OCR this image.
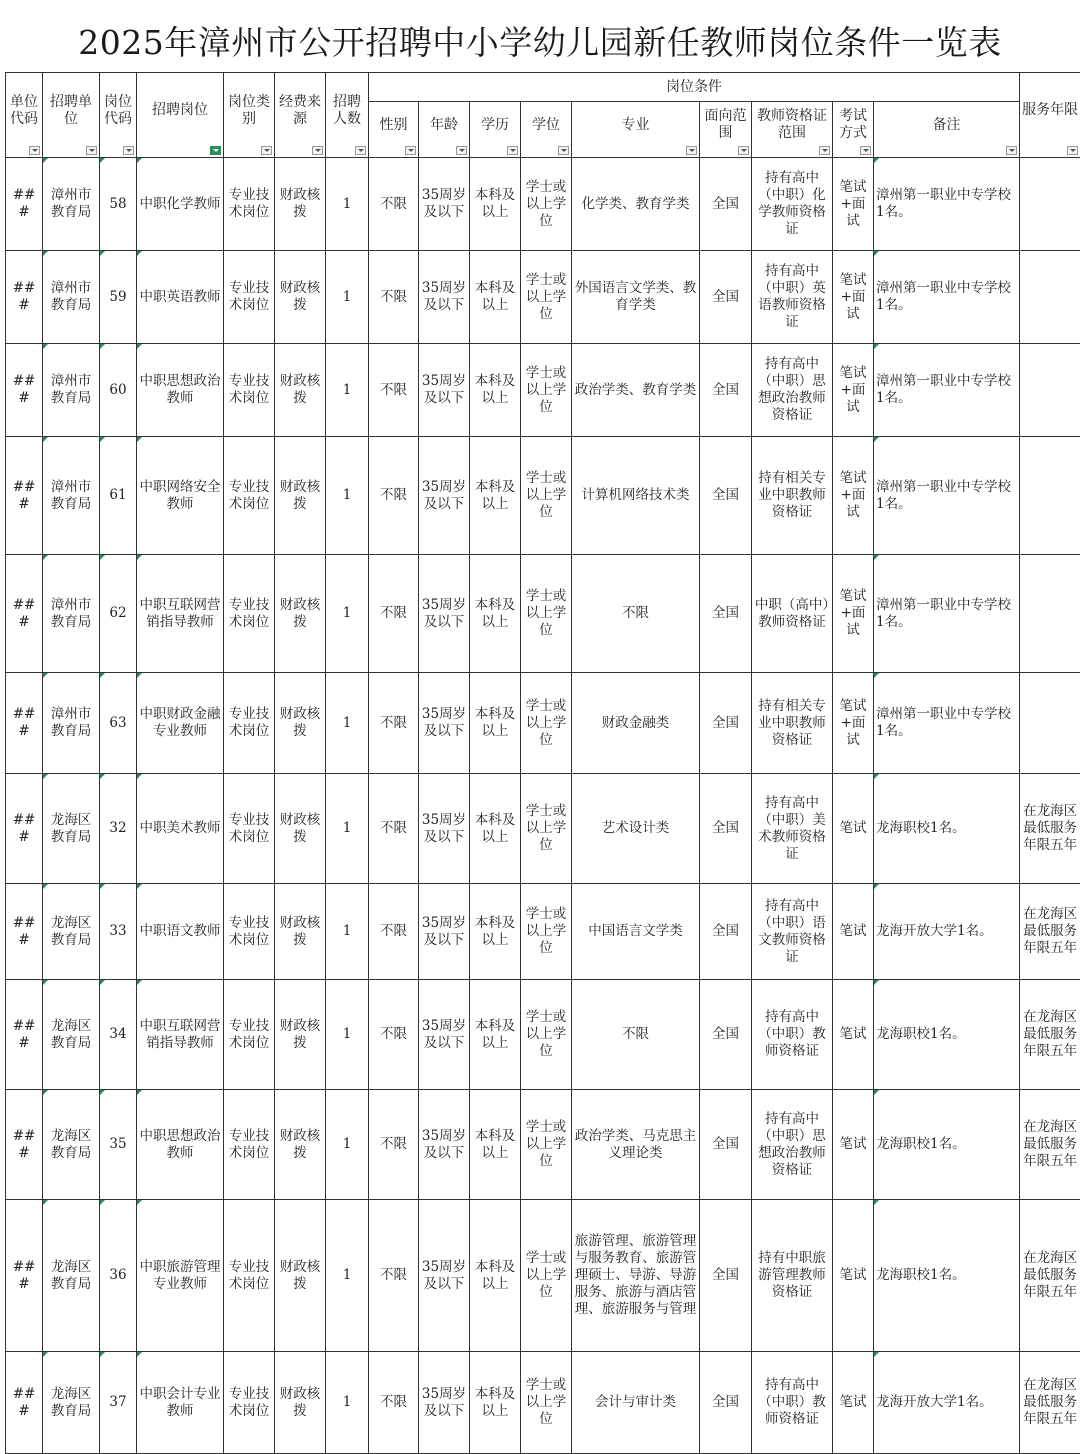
2025年漳州市公开招聘中小学幼儿园新任教师岗位条件一览表
单位代码	招聘单位	岗位代码	招聘岗位	岗位类别	经费来源	招聘人数	岗位条件									服务年限

							性别	年龄	学历	学位	专业	面向范围	教师资格证范围	考试方式	备注	

###	漳州市教育局	58	中职化学教师	专业技术岗位	财政核拨	1	不限	35周岁及以下	本科及以上	学士或以上学位	化学类、教育学类	全国	持有高中（中职）化学教师资格证	笔试+面试	漳州第一职业中专学校1名。	
###	漳州市教育局	59	中职英语教师	专业技术岗位	财政核拨	1	不限	35周岁及以下	本科及以上	学士或以上学位	外国语言文学类、教育学类	全国	持有高中（中职）英语教师资格证	笔试+面试	漳州第一职业中专学校1名。	
###	漳州市教育局	60	中职思想政治教师	专业技术岗位	财政核拨	1	不限	35周岁及以下	本科及以上	学士或以上学位	政治学类、教育学类	全国	持有高中（中职）思想政治教师资格证	笔试+面试	漳州第一职业中专学校1名。	
###	漳州市教育局	61	中职网络安全教师	专业技术岗位	财政核拨	1	不限	35周岁及以下	本科及以上	学士或以上学位	计算机网络技术类	全国	持有相关专业中职教师资格证	笔试+面试	漳州第一职业中专学校1名。	
###	漳州市教育局	62	中职互联网营销指导教师	专业技术岗位	财政核拨	1	不限	35周岁及以下	本科及以上	学士或以上学位	不限	全国	中职（高中）教师资格证	笔试+面试	漳州第一职业中专学校1名。	
###	漳州市教育局	63	中职财政金融专业教师	专业技术岗位	财政核拨	1	不限	35周岁及以下	本科及以上	学士或以上学位	财政金融类	全国	持有相关专业中职教师资格证	笔试+面试	漳州第一职业中专学校1名。	
###	龙海区教育局	32	中职美术教师	专业技术岗位	财政核拨	1	不限	35周岁及以下	本科及以上	学士或以上学位	艺术设计类	全国	持有高中（中职）美术教师资格证	笔试	龙海职校1名。	在龙海区最低服务年限五年
###	龙海区教育局	33	中职语文教师	专业技术岗位	财政核拨	1	不限	35周岁及以下	本科及以上	学士或以上学位	中国语言文学类	全国	持有高中（中职）语文教师资格证	笔试	龙海开放大学1名。	在龙海区最低服务年限五年
###	龙海区教育局	34	中职互联网营销指导教师	专业技术岗位	财政核拨	1	不限	35周岁及以下	本科及以上	学士或以上学位	不限	全国	持有高中（中职）教师资格证	笔试	龙海职校1名。	在龙海区最低服务年限五年
###	龙海区教育局	35	中职思想政治教师	专业技术岗位	财政核拨	1	不限	35周岁及以下	本科及以上	学士或以上学位	政治学类、马克思主义理论类	全国	持有高中（中职）思想政治教师资格证	笔试	龙海职校1名。	在龙海区最低服务年限五年
###	龙海区教育局	36	中职旅游管理专业教师	专业技术岗位	财政核拨	1	不限	35周岁及以下	本科及以上	学士或以上学位	旅游管理、旅游管理与服务教育、旅游管理硕士、导游、导游服务、旅游与酒店管理、旅游服务与管理	全国	持有中职旅游管理教师资格证	笔试	龙海职校1名。	在龙海区最低服务年限五年
###	龙海区教育局	37	中职会计专业教师	专业技术岗位	财政核拨	1	不限	35周岁及以下	本科及以上	学士或以上学位	会计与审计类	全国	持有高中（中职）教师资格证	笔试	龙海开放大学1名。	在龙海区最低服务年限五年
